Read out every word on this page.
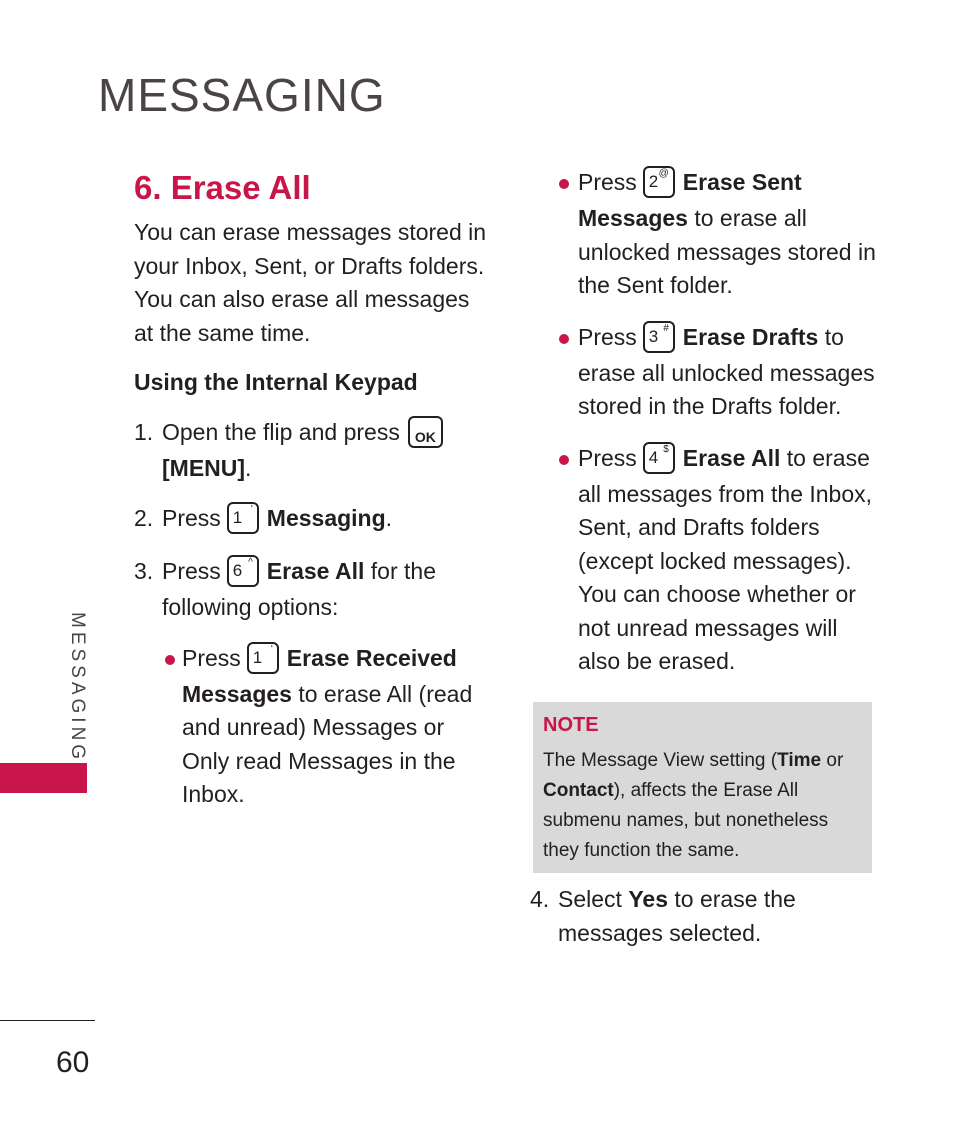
MESSAGING
MESSAGING
60
6. Erase All

You can erase messages stored in your Inbox, Sent, or Drafts folders. You can also erase all messages at the same time.

Using the Internal Keypad

1. Open the flip and press OK [MENU].
2. Press 1 ' Messaging.
3. Press 6 ^ Erase All for the following options:
Press 1 ' Erase Received Messages to erase All (read and unread) Messages or Only read Messages in the Inbox.
Press 2 @ Erase Sent Messages to erase all unlocked messages stored in the Sent folder.
Press 3 # Erase Drafts to erase all unlocked messages stored in the Drafts folder.
Press 4 $ Erase All to erase all messages from the Inbox, Sent, and Drafts folders (except locked messages). You can choose whether or not unread messages will also be erased.
NOTE
The Message View setting (Time or Contact), affects the Erase All submenu names, but nonetheless they function the same.
4. Select Yes to erase the messages selected.
